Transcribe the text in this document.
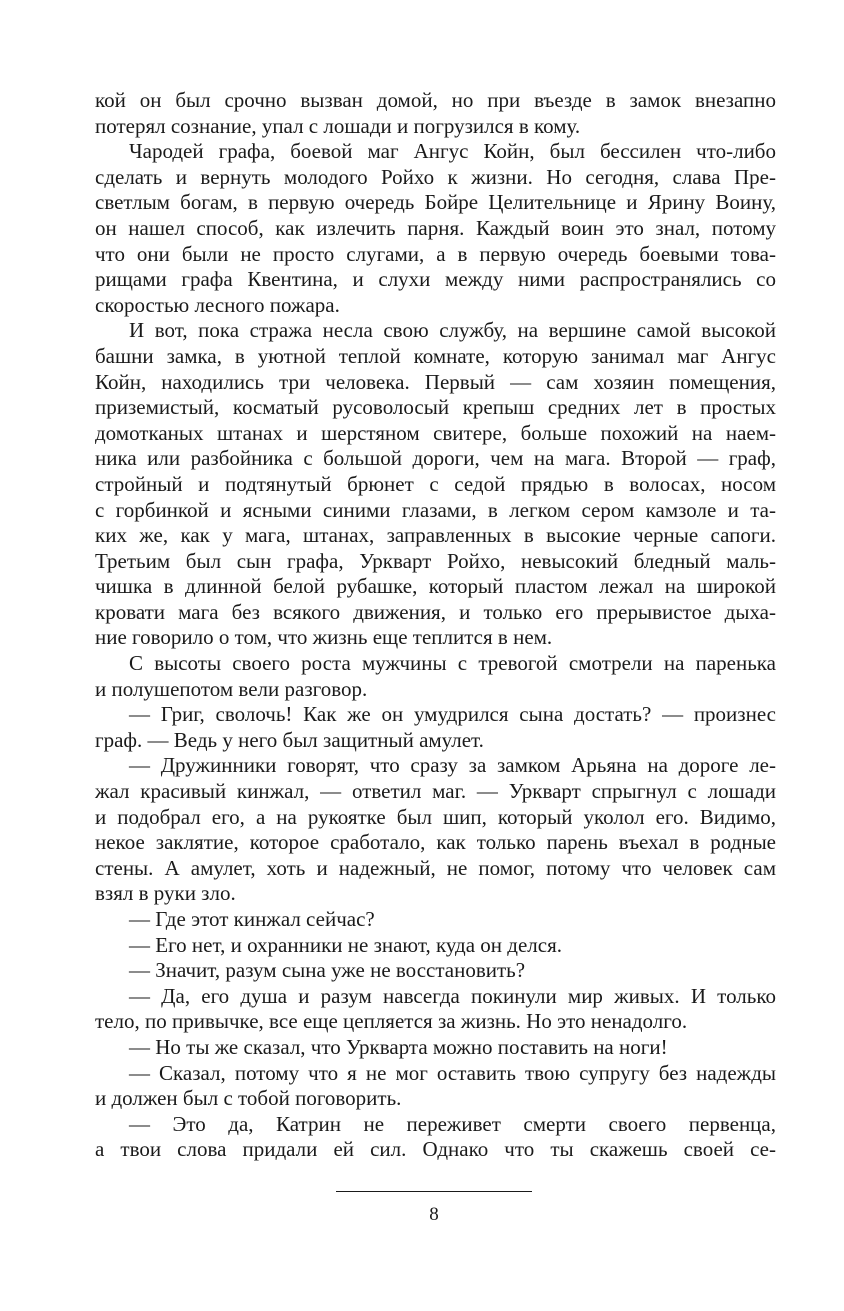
кой он был срочно вызван домой, но при въезде в замок внезапно
потерял сознание, упал с лошади и погрузился в кому.
Чародей графа, боевой маг Ангус Койн, был бессилен что-либо
сделать и вернуть молодого Ройхо к жизни. Но сегодня, слава Пре-
светлым богам, в первую очередь Бойре Целительнице и Ярину Воину,
он нашел способ, как излечить парня. Каждый воин это знал, потому
что они были не просто слугами, а в первую очередь боевыми това-
рищами графа Квентина, и слухи между ними распространялись со
скоростью лесного пожара.
И вот, пока стража несла свою службу, на вершине самой высокой
башни замка, в уютной теплой комнате, которую занимал маг Ангус
Койн, находились три человека. Первый — сам хозяин помещения,
приземистый, косматый русоволосый крепыш средних лет в простых
домотканых штанах и шерстяном свитере, больше похожий на наем-
ника или разбойника с большой дороги, чем на мага. Второй — граф,
стройный и подтянутый брюнет с седой прядью в волосах, носом
с горбинкой и ясными синими глазами, в легком сером камзоле и та-
ких же, как у мага, штанах, заправленных в высокие черные сапоги.
Третьим был сын графа, Уркварт Ройхо, невысокий бледный маль-
чишка в длинной белой рубашке, который пластом лежал на широкой
кровати мага без всякого движения, и только его прерывистое дыха-
ние говорило о том, что жизнь еще теплится в нем.
С высоты своего роста мужчины с тревогой смотрели на паренька
и полушепотом вели разговор.
— Григ, сволочь! Как же он умудрился сына достать? — произнес
граф. — Ведь у него был защитный амулет.
— Дружинники говорят, что сразу за замком Арьяна на дороге ле-
жал красивый кинжал, — ответил маг. — Уркварт спрыгнул с лошади
и подобрал его, а на рукоятке был шип, который уколол его. Видимо,
некое заклятие, которое сработало, как только парень въехал в родные
стены. А амулет, хоть и надежный, не помог, потому что человек сам
взял в руки зло.
— Где этот кинжал сейчас?
— Его нет, и охранники не знают, куда он делся.
— Значит, разум сына уже не восстановить?
— Да, его душа и разум навсегда покинули мир живых. И только
тело, по привычке, все еще цепляется за жизнь. Но это ненадолго.
— Но ты же сказал, что Уркварта можно поставить на ноги!
— Сказал, потому что я не мог оставить твою супругу без надежды
и должен был с тобой поговорить.
— Это да, Катрин не переживет смерти своего первенца,
а твои слова придали ей сил. Однако что ты скажешь своей се-
8
